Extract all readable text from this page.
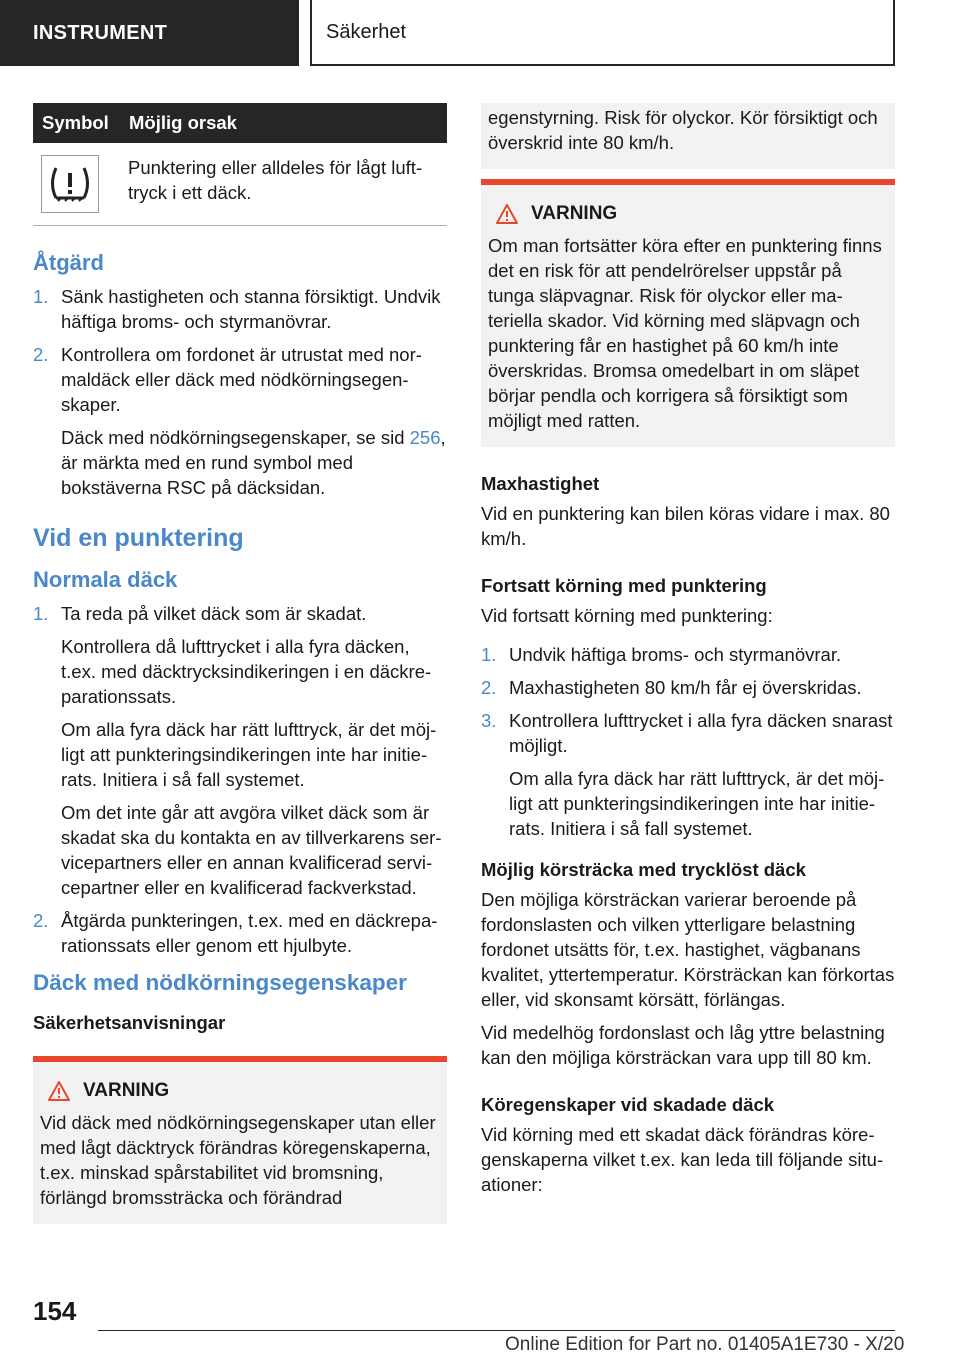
INSTRUMENT	Säkerhet
Symbol	Möjlig orsak

	Punktering eller alldeles för lågt lufttryck i ett däck.
Åtgärd
1. Sänk hastigheten och stanna försiktigt. Undvik häftiga broms- och styrmanövrar.
2. Kontrollera om fordonet är utrustat med normaldäck eller däck med nödkörningsegenskaper.

Däck med nödkörningsegenskaper, se sid 256, är märkta med en rund symbol med bokstäverna RSC på däcksidan.

Vid en punktering
Normala däck
1. Ta reda på vilket däck som är skadat.

Kontrollera då lufttrycket i alla fyra däcken, t.ex. med däcktrycksindikeringen i en däckreparationssats.

Om alla fyra däck har rätt lufttryck, är det möjligt att punkteringsindikeringen inte har initierats. Initiera i så fall systemet.

Om det inte går att avgöra vilket däck som är skadat ska du kontakta en av tillverkarens servicepartners eller en annan kvalificerad servicepartner eller en kvalificerad fackverkstad.

2. Åtgärda punkteringen, t.ex. med en däckreparationssats eller genom ett hjulbyte.
Däck med nödkörningsegenskaper
Säkerhetsanvisningar
VARNING

Vid däck med nödkörningsegenskaper utan eller med lågt däcktryck förändras köregenskaperna, t.ex. minskad spårstabilitet vid bromsning, förlängd bromssträcka och förändrad

egenstyrning. Risk för olyckor. Kör försiktigt och överskrid inte 80 km/h.

VARNING

Om man fortsätter köra efter en punktering finns det en risk för att pendelrörelser uppstår på tunga släpvagnar. Risk för olyckor eller materiella skador. Vid körning med släpvagn och punktering får en hastighet på 60 km/h inte överskridas. Bromsa omedelbart in om släpet börjar pendla och korrigera så försiktigt som möjligt med ratten.

Maxhastighet

Vid en punktering kan bilen köras vidare i max. 80 km/h.

Fortsatt körning med punktering

Vid fortsatt körning med punktering:

1. Undvik häftiga broms- och styrmanövrar.
2. Maxhastigheten 80 km/h får ej överskridas.
3. Kontrollera lufttrycket i alla fyra däcken snarast möjligt.

Om alla fyra däck har rätt lufttryck, är det möjligt att punkteringsindikeringen inte har initierats. Initiera i så fall systemet.

Möjlig körsträcka med trycklöst däck

Den möjliga körsträckan varierar beroende på fordonslasten och vilken ytterligare belastning fordonet utsätts för, t.ex. hastighet, vägbanans kvalitet, yttertemperatur. Körsträckan kan förkortas eller, vid skonsamt körsätt, förlängas.

Vid medelhög fordonslast och låg yttre belastning kan den möjliga körsträckan vara upp till 80 km.

Köregenskaper vid skadade däck

Vid körning med ett skadat däck förändras köregenskaperna vilket t.ex. kan leda till följande situationer:

154
Online Edition for Part no. 01405A1E730 - X/20
